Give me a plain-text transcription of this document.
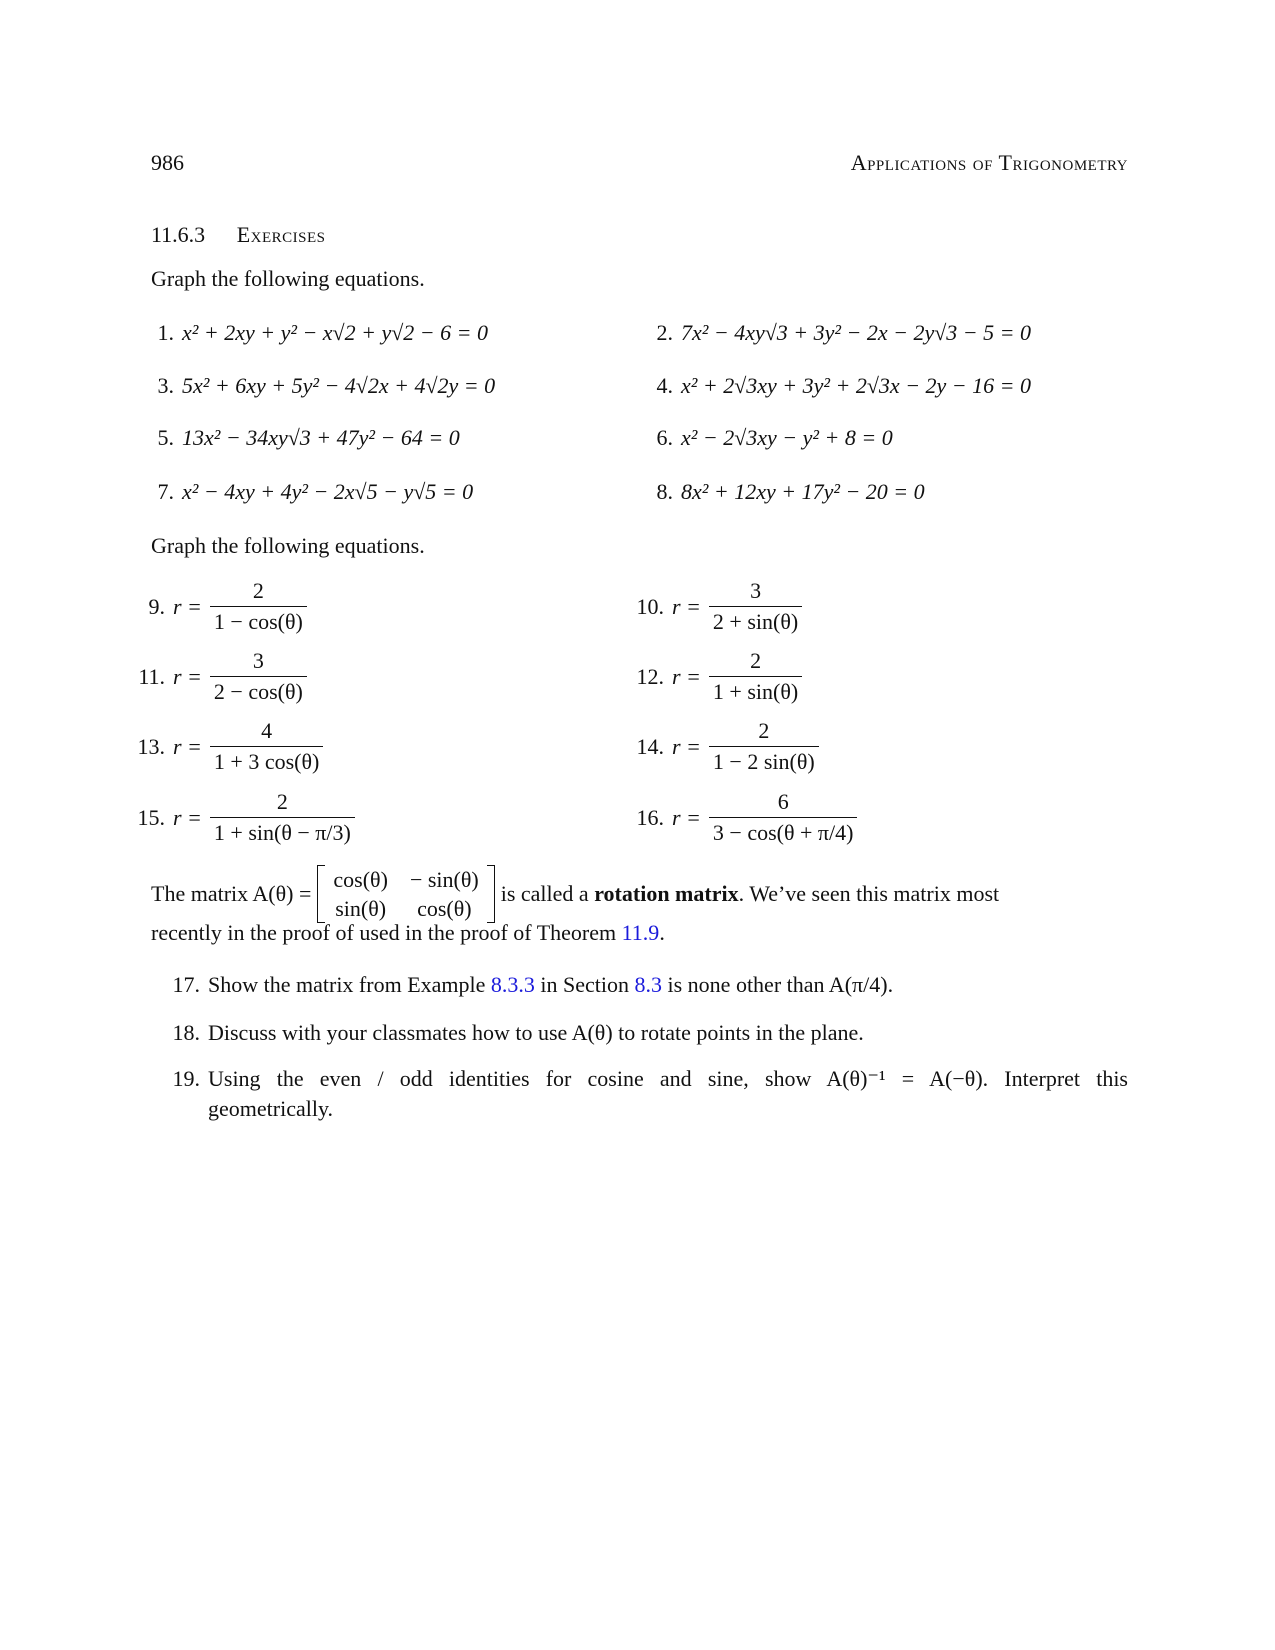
986	Applications of Trigonometry
11.6.3 Exercises
Graph the following equations.
1. x² + 2xy + y² − x√2 + y√2 − 6 = 0	2. 7x² − 4xy√3 + 3y² − 2x − 2y√3 − 5 = 0
3. 5x² + 6xy + 5y² − 4√2x + 4√2y = 0	4. x² + 2√3xy + 3y² + 2√3x − 2y − 16 = 0
5. 13x² − 34xy√3 + 47y² − 64 = 0	6. x² − 2√3xy − y² + 8 = 0
7. x² − 4xy + 4y² − 2x√5 − y√5 = 0	8. 8x² + 12xy + 17y² − 20 = 0
Graph the following equations.
9. $r = \frac{2}{1 - \cos(\theta)}$	10. $r = \frac{3}{2 + \sin(\theta)}$
11. $r = \frac{3}{2 - \cos(\theta)}$	12. $r = \frac{2}{1 + \sin(\theta)}$
13. $r = \frac{4}{1 + 3 \cos(\theta)}$	14. $r = \frac{2}{1 - 2 \sin(\theta)}$
15. $r = \frac{2}{1 + \sin(\theta - \pi/3)}$	16. $r = \frac{6}{3 - \cos(\theta + \pi/4)}$
The matrix A(θ) =
cos(θ) − sin(θ)
sin(θ)	cos(θ)
is called a
rotation matrix . We’ve seen this matrix most
recently in the proof of used in the proof of Theorem 11.9.
17. Show the matrix from Example
8.3.3
in Section
8.3
is none other than A(π/4).
18. Discuss with your classmates how to use A(θ) to rotate points in the plane.
19. Using the even / odd identities for cosine and sine, show A(θ)⁻¹ = A(−θ). Interpret this
geometrically.
